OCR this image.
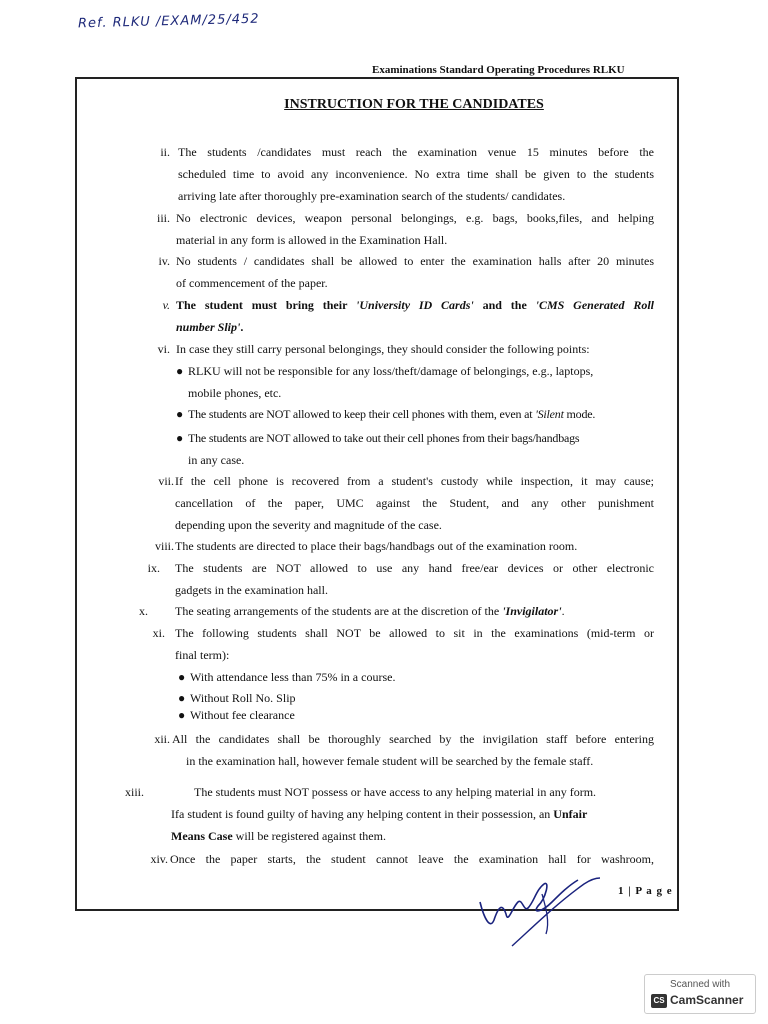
Ref. RLKU /EXAM/25/452
Examinations Standard Operating Procedures RLKU
INSTRUCTION FOR THE CANDIDATES
ii. The students /candidates must reach the examination venue 15 minutes before the
scheduled time to avoid any inconvenience. No extra time shall be given to the students
arriving late after thoroughly pre-examination search of the students/ candidates.
iii. No electronic devices, weapon personal belongings, e.g. bags, books,files, and helping
material in any form is allowed in the Examination Hall.
iv. No students / candidates shall be allowed to enter the examination halls after 20 minutes
of commencement of the paper.
v. The student must bring their 'University ID Cards' and the 'CMS Generated Roll
number Slip'.
vi. In case they still carry personal belongings, they should consider the following points:
● RLKU will not be responsible for any loss/theft/damage of belongings, e.g., laptops,
mobile phones, etc.
● The students are NOT allowed to keep their cell phones with them, even at 'Silent mode.
● The students are NOT allowed to take out their cell phones from their bags/handbags
in any case.
vii. If the cell phone is recovered from a student's custody while inspection, it may cause;
cancellation of the paper, UMC against the Student, and any other punishment
depending upon the severity and magnitude of the case.
viii. The students are directed to place their bags/handbags out of the examination room.
ix. The students are NOT allowed to use any hand free/ear devices or other electronic
gadgets in the examination hall.
x. The seating arrangements of the students are at the discretion of the 'Invigilator'.
xi. The following students shall NOT be allowed to sit in the examinations (mid-term or
final term):
● With attendance less than 75% in a course.
● Without Roll No. Slip
● Without fee clearance
xii. All the candidates shall be thoroughly searched by the invigilation staff before entering
in the examination hall, however female student will be searched by the female staff.
xiii.	The students must NOT possess or have access to any helping material in any form.
Ifa student is found guilty of having any helping content in their possession, an Unfair
Means Case will be registered against them.
xiv. Once the paper starts, the student cannot leave the examination hall for washroom,
1 | P a g e
Scanned with
CS CamScanner
